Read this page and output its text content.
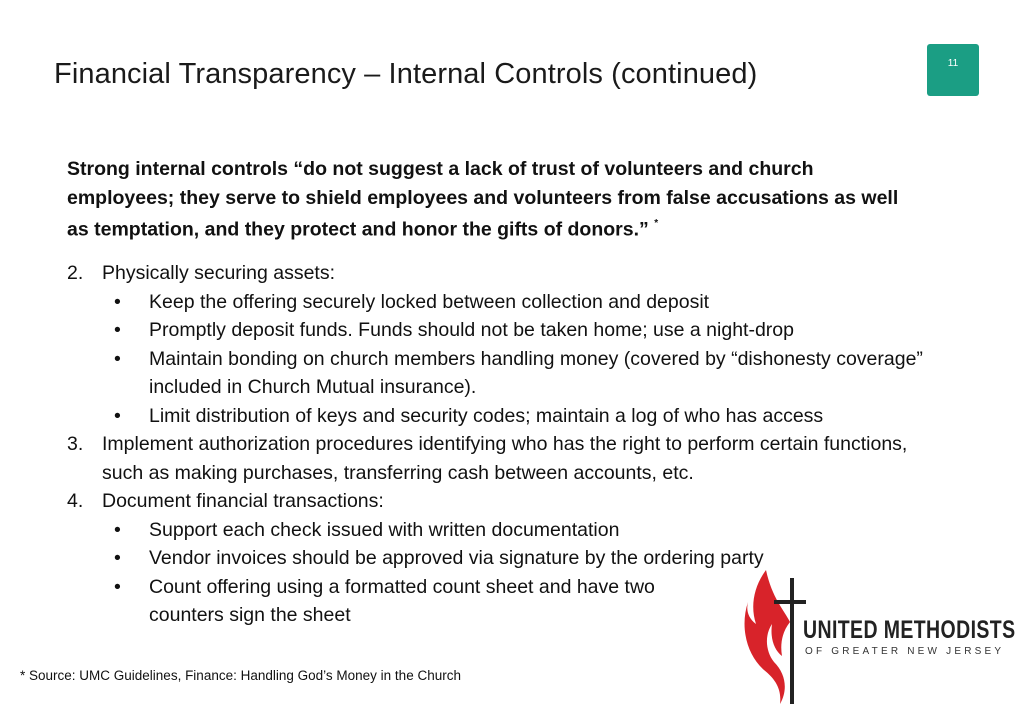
Financial Transparency – Internal Controls (continued)	11
Strong internal controls “do not suggest a lack of trust of volunteers and church employees; they serve to shield employees and volunteers from false accusations as well as temptation, and they protect and honor the gifts of donors.” *
2. Physically securing assets:
• Keep the offering securely locked between collection and deposit
• Promptly deposit funds. Funds should not be taken home; use a night-drop
• Maintain bonding on church members handling money (covered by “dishonesty coverage” included in Church Mutual insurance).
• Limit distribution of keys and security codes; maintain a log of who has access
3. Implement authorization procedures identifying who has the right to perform certain functions, such as making purchases, transferring cash between accounts, etc.
4. Document financial transactions:
• Support each check issued with written documentation
• Vendor invoices should be approved via signature by the ordering party
• Count offering using a formatted count sheet and have two counters sign the sheet
UNITED METHODISTS
OF GREATER NEW JERSEY
* Source: UMC Guidelines, Finance: Handling God’s Money in the Church
